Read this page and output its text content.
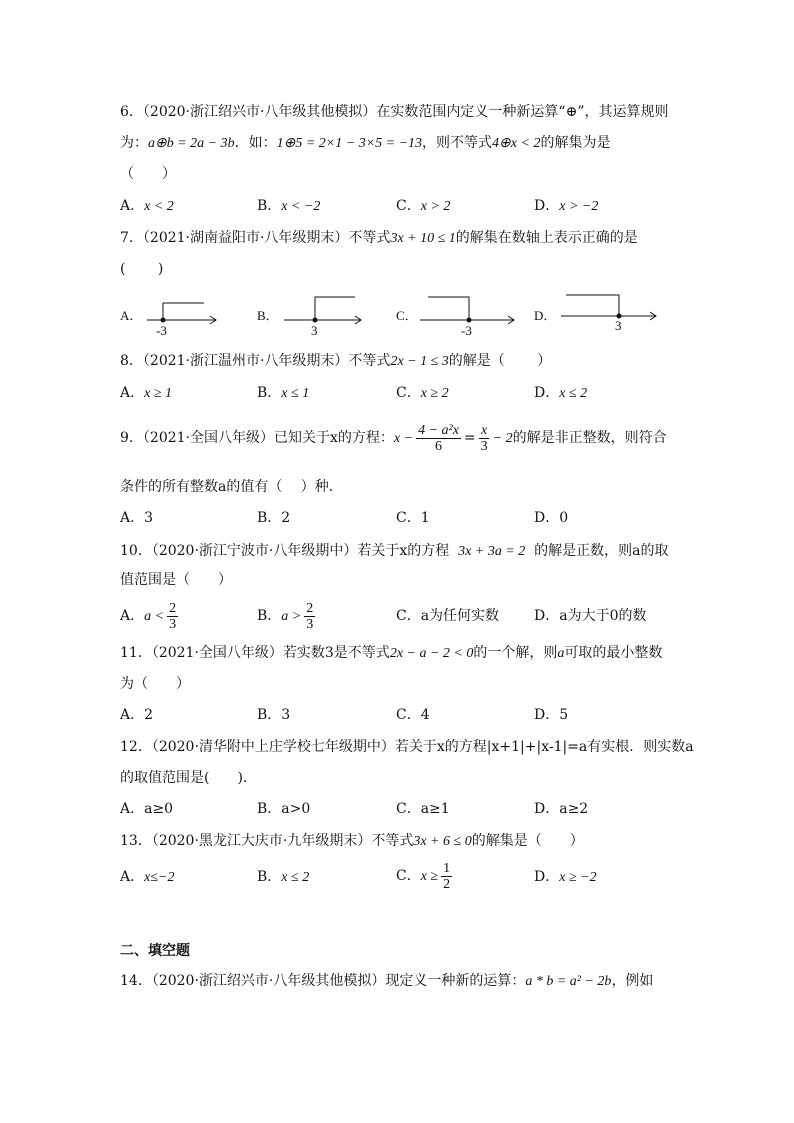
6．（2020·浙江绍兴市·八年级其他模拟）在实数范围内定义一种新运算“⊕”，其运算规则
为：a⊕b = 2a − 3b．如：1⊕5 = 2×1 − 3×5 = −13，则不等式4⊕x < 2的解集为是
（　　）
A．x < 2	B．x < −2	C．x > 2	D．x > −2
7．（2021·湖南益阳市·八年级期末）不等式3x + 10 ≤ 1的解集在数轴上表示正确的是
(　　 )
A．
-3
B．
3
C．
-3
D．
3
8．（2021·浙江温州市·八年级期末）不等式2x − 1 ≤ 3的解是（　　 ）
A．x ≥ 1	B．x ≤ 1	C．x ≥ 2	D．x ≤ 2
9．（2021·全国八年级）已知关于x的方程：$x - \frac{\text{4 − a²x}}{6} = \frac{x}{3} - 2$的解是非正整数，则符合
条件的所有整数a的值有（　 ）种．
A．3	B．2	C．1	D．0
10．（2020·浙江宁波市·八年级期中）若关于x的方程 3x + 3a = 2 的解是正数，则a的取
值范围是（　　）
A．$a < \frac{2}{3}$	B．$a > \frac{2}{3}$	C．a为任何实数 D．a为大于0的数
11．（2021·全国八年级）若实数3是不等式2x − a − 2 < 0的一个解，则a可取的最小整数
为（　　）
A．2	B．3	C．4	D．5
12．（2020·清华附中上庄学校七年级期中）若关于x的方程|x+1|+|x-1|=a有实根．则实数a
的取值范围是(　　)．
A．a≥0	B．a>0	C．a≥1	D．a≥2
13．（2020·黑龙江大庆市·九年级期末）不等式3x + 6 ≤ 0的解集是（　　）
A．x≤−2	B．x ≤ 2	C．$x \ge \frac{1}{2}$	D．x ≥ −2
二、填空题
14．（2020·浙江绍兴市·八年级其他模拟）现定义一种新的运算：a * b = a² − 2b，例如
